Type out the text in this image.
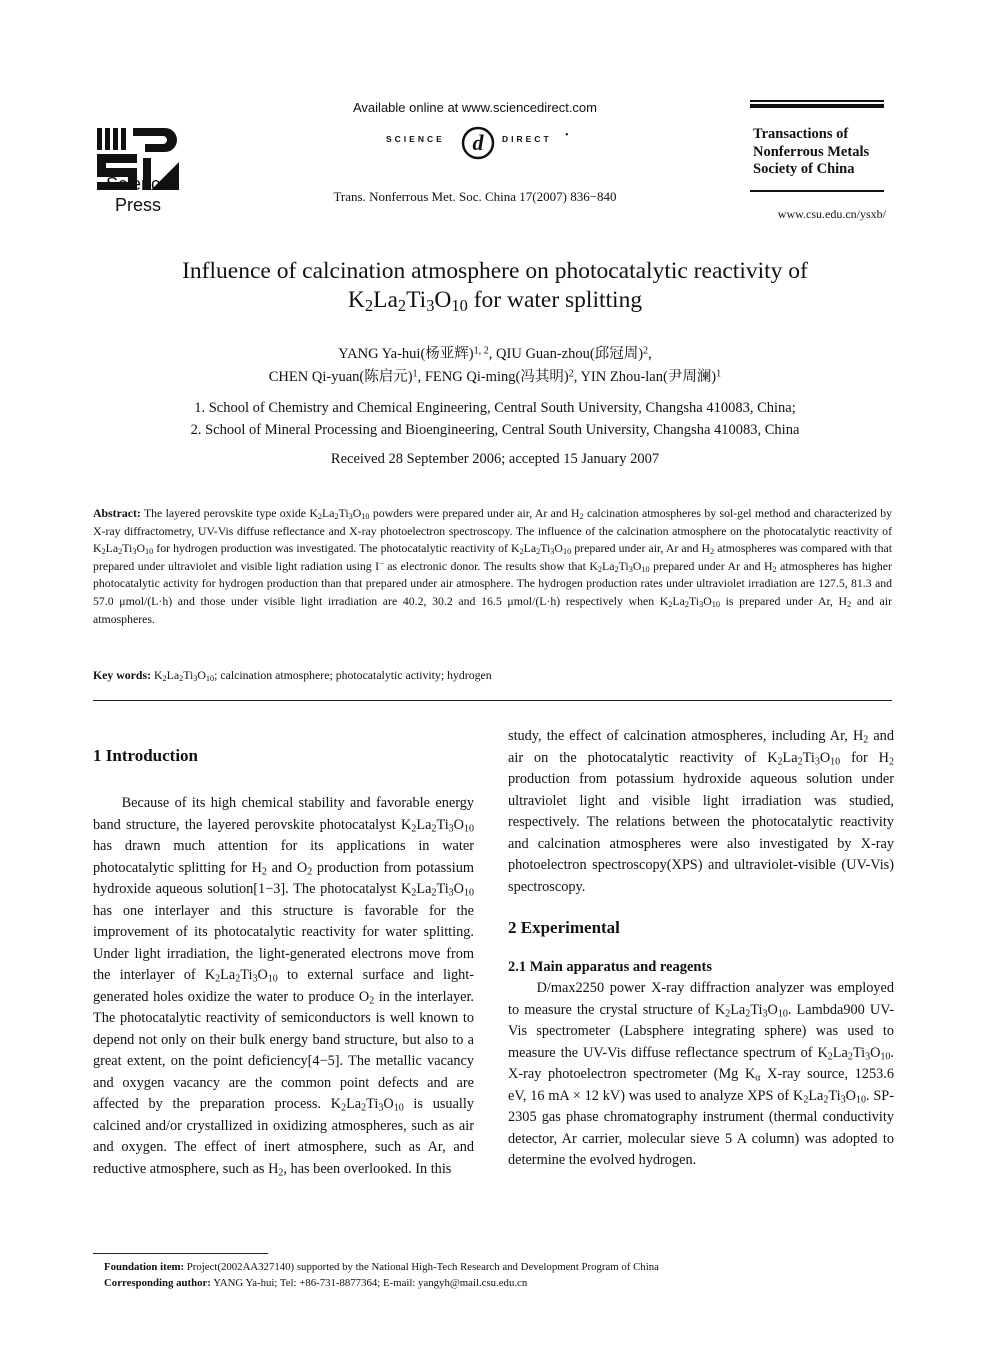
Science
Press
Available online at www.sciencedirect.com
SCIENCE d DIRECT •
Trans. Nonferrous Met. Soc. China 17(2007) 836−840
Transactions of
Nonferrous Metals
Society of China
www.csu.edu.cn/ysxb/
Influence of calcination atmosphere on photocatalytic reactivity of
$K_2La_2Ti_3O_{10}$ for water splitting
YANG Ya-hui(杨亚辉)$^{1, 2}$, QIU Guan-zhou(邱冠周)$^2$,
CHEN Qi-yuan(陈启元)$^1$, FENG Qi-ming(冯其明)$^2$, YIN Zhou-lan(尹周澜)$^1$
1. School of Chemistry and Chemical Engineering, Central South University, Changsha 410083, China;
2. School of Mineral Processing and Bioengineering, Central South University, Changsha 410083, China
Received 28 September 2006; accepted 15 January 2007
Abstract: The layered perovskite type oxide $K_2La_2Ti_3O_{10}$ powders were prepared under air, Ar and $H_2$ calcination atmospheres by sol-gel method and characterized by X-ray diffractometry, UV-Vis diffuse reflectance and X-ray photoelectron spectroscopy. The influence of the calcination atmosphere on the photocatalytic reactivity of $K_2La_2Ti_3O_{10}$ for hydrogen production was investigated. The photocatalytic reactivity of $K_2La_2Ti_3O_{10}$ prepared under air, Ar and $H_2$ atmospheres was compared with that prepared under ultraviolet and visible light radiation using I− as electronic donor. The results show that $K_2La_2Ti_3O_{10}$ prepared under Ar and $H_2$ atmospheres has higher photocatalytic activity for hydrogen production than that prepared under air atmosphere. The hydrogen production rates under ultraviolet irradiation are 127.5, 81.3 and 57.0 μmol/(L·h) and those under visible light irradiation are 40.2, 30.2 and 16.5 μmol/(L·h) respectively when $K_2La_2Ti_3O_{10}$ is prepared under Ar, $H_2$ and air atmospheres.
Key words: $K_2La_2Ti_3O_{10}$; calcination atmosphere; photocatalytic activity; hydrogen
1 Introduction

Because of its high chemical stability and favorable energy band structure, the layered perovskite photocatalyst $K_2La_2Ti_3O_{10}$ has drawn much attention for its applications in water photocatalytic splitting for $H_2$ and $O_2$ production from potassium hydroxide aqueous solution[1−3]. The photocatalyst $K_2La_2Ti_3O_{10}$ has one interlayer and this structure is favorable for the improvement of its photocatalytic reactivity for water splitting. Under light irradiation, the light-generated electrons move from the interlayer of $K_2La_2Ti_3O_{10}$ to external surface and light-generated holes oxidize the water to produce $O_2$ in the interlayer. The photocatalytic reactivity of semiconductors is well known to depend not only on their bulk energy band structure, but also to a great extent, on the point deficiency[4−5]. The metallic vacancy and oxygen vacancy are the common point defects and are affected by the preparation process. $K_2La_2Ti_3O_{10}$ is usually calcined and/or crystallized in oxidizing atmospheres, such as air and oxygen. The effect of inert atmosphere, such as Ar, and reductive atmosphere, such as $H_2$, has been overlooked. In this

study, the effect of calcination atmospheres, including Ar, $H_2$ and air on the photocatalytic reactivity of $K_2La_2Ti_3O_{10}$ for $H_2$ production from potassium hydroxide aqueous solution under ultraviolet light and visible light irradiation was studied, respectively. The relations between the photocatalytic reactivity and calcination atmospheres were also investigated by X-ray photoelectron spectroscopy(XPS) and ultraviolet-visible (UV-Vis) spectroscopy.

2 Experimental
2.1 Main apparatus and reagents

D/max2250 power X-ray diffraction analyzer was employed to measure the crystal structure of $K_2La_2Ti_3O_{10}$. Lambda900 UV-Vis spectrometer (Labsphere integrating sphere) was used to measure the UV-Vis diffuse reflectance spectrum of $K_2La_2Ti_3O_{10}$. X-ray photoelectron spectrometer (Mg $K_\alpha$ X-ray source, 1253.6 eV, 16 mA × 12 kV) was used to analyze XPS of $K_2La_2Ti_3O_{10}$. SP-2305 gas phase chromatography instrument (thermal conductivity detector, Ar carrier, molecular sieve 5 A column) was adopted to determine the evolved hydrogen.

Foundation item: Project(2002AA327140) supported by the National High-Tech Research and Development Program of China
Corresponding author: YANG Ya-hui; Tel: +86-731-8877364; E-mail: yangyh@mail.csu.edu.cn
